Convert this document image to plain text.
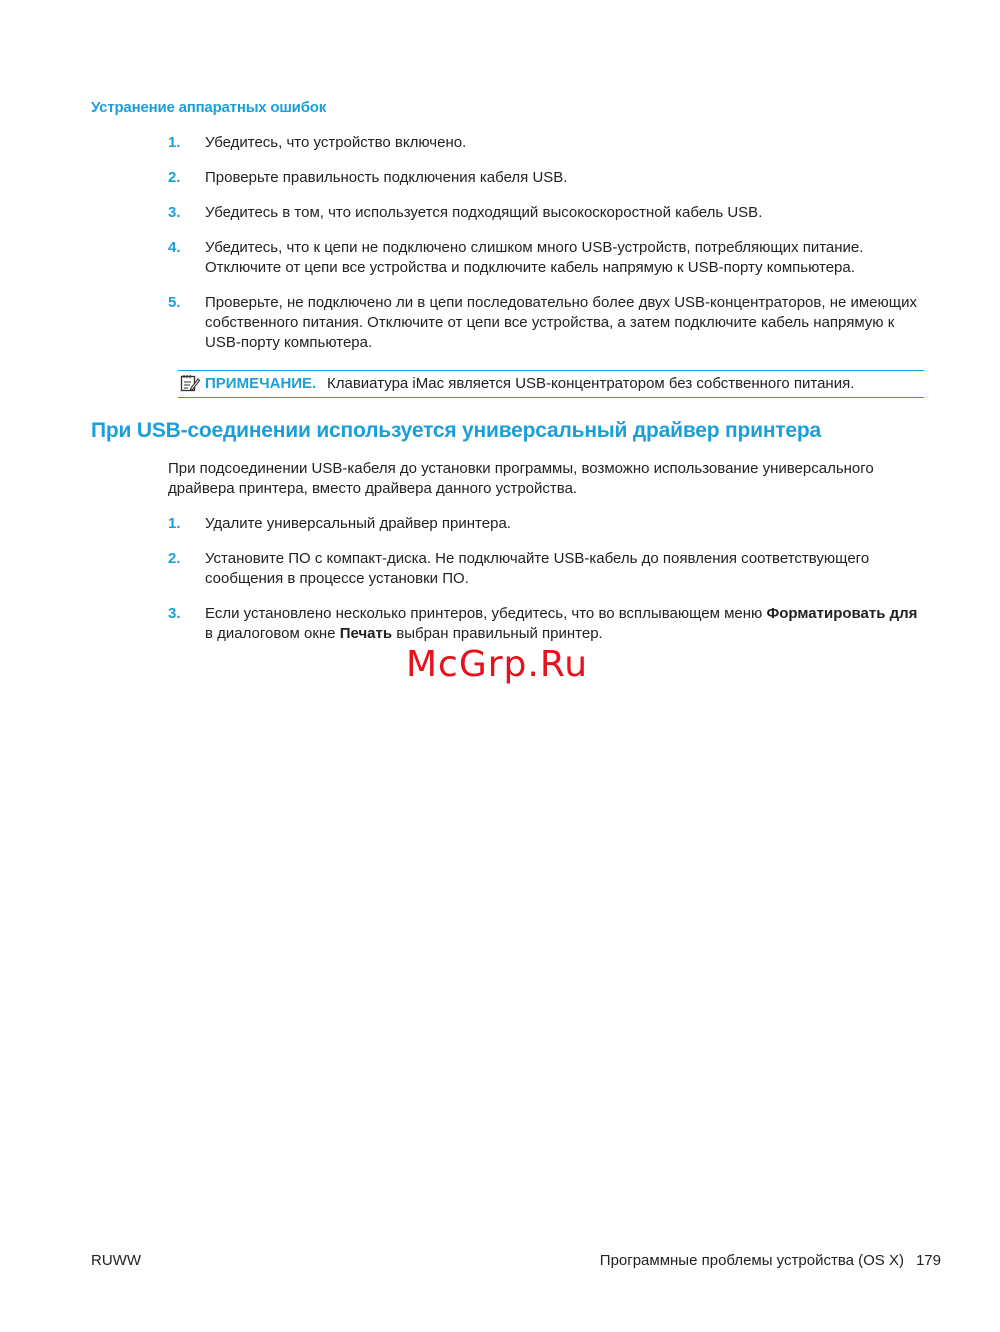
Устранение аппаратных ошибок
1. Убедитесь, что устройство включено.
2. Проверьте правильность подключения кабеля USB.
3. Убедитесь в том, что используется подходящий высокоскоростной кабель USB.
4. Убедитесь, что к цепи не подключено слишком много USB-устройств, потребляющих питание. Отключите от цепи все устройства и подключите кабель напрямую к USB-порту компьютера.
5. Проверьте, не подключено ли в цепи последовательно более двух USB-концентраторов, не имеющих собственного питания. Отключите от цепи все устройства, а затем подключите кабель напрямую к USB-порту компьютера.
ПРИМЕЧАНИЕ. Клавиатура iMac является USB-концентратором без собственного питания.
При USB-соединении используется универсальный драйвер принтера

При подсоединении USB-кабеля до установки программы, возможно использование универсального драйвера принтера, вместо драйвера данного устройства.

1. Удалите универсальный драйвер принтера.
2. Установите ПО с компакт-диска. Не подключайте USB-кабель до появления соответствующего сообщения в процессе установки ПО.
3. Если установлено несколько принтеров, убедитесь, что во всплывающем меню Форматировать для в диалоговом окне Печать выбран правильный принтер.
McGrp.Ru
RUWW	Программные проблемы устройства (OS X) 179
